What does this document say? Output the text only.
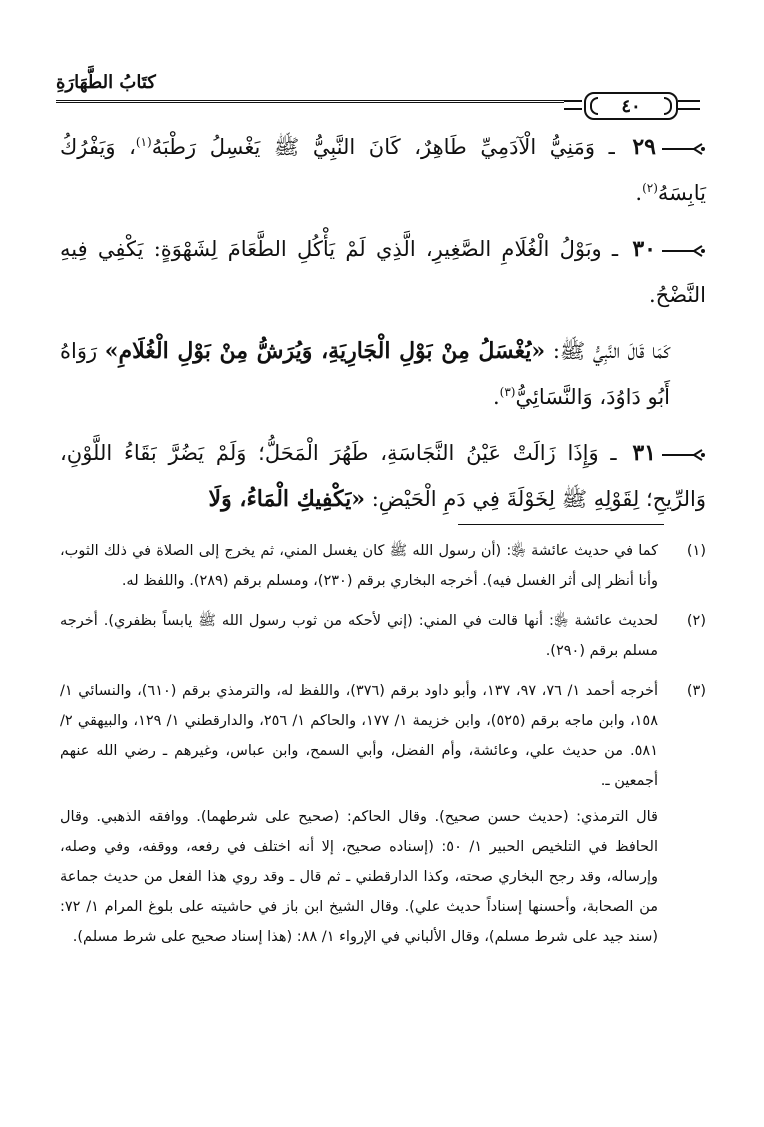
كتَابُ الطَّهَارَةِ
٤٠

٢٩ ـ وَمَنِيُّ الْآدَمِيِّ طَاهِرٌ، كَانَ النَّبِيُّ ﷺ يَغْسِلُ رَطْبَهُ$^{(١)}$، وَيَفْرُكُ يَابِسَهُ$^{(٢)}$.

٣٠ ـ وبَوْلُ الْغُلَامِ الصَّغِيرِ، الَّذِي لَمْ يَأْكُلِ الطَّعَامَ لِشَهْوَةٍ: يَكْفِي فِيهِ النَّضْحُ.

كَمَا قَالَ النَّبِيُّ ﷺ: «يُغْسَلُ مِنْ بَوْلِ الْجَارِيَةِ، وَيُرَشُّ مِنْ بَوْلِ الْغُلَامِ» رَوَاهُ أَبُو دَاوُدَ، وَالنَّسَائِيُّ$^{(٣)}$.

٣١ ـ وَإِذَا زَالَتْ عَيْنُ النَّجَاسَةِ، طَهُرَ الْمَحَلُّ؛ وَلَمْ يَضُرَّ بَقَاءُ اللَّوْنِ، وَالرِّيحِ؛ لِقَوْلِهِ ﷺ لِخَوْلَةَ فِي دَمِ الْحَيْضِ: «يَكْفِيكِ الْمَاءُ، وَلَا

(١)

كما في حديث عائشة ﵂: (أن رسول الله ﷺ كان يغسل المني، ثم يخرج إلى الصلاة في ذلك الثوب، وأنا أنظر إلى أثر الغسل فيه). أخرجه البخاري برقم (٢٣٠)، ومسلم برقم (٢٨٩). واللفظ له.

(٢)

لحديث عائشة ﵂: أنها قالت في المني: (إني لأحكه من ثوب رسول الله ﷺ يابساً بظفري). أخرجه مسلم برقم (٢٩٠).

(٣)

أخرجه أحمد ١/ ٧٦، ٩٧، ١٣٧، وأبو داود برقم (٣٧٦)، واللفظ له، والترمذي برقم (٦١٠)، والنسائي ١/ ١٥٨، وابن ماجه برقم (٥٢٥)، وابن خزيمة ١/ ١٧٧، والحاكم ١/ ٢٥٦، والدارقطني ١/ ١٢٩، والبيهقي ٢/ ٥٨١. من حديث علي، وعائشة، وأم الفضل، وأبي السمح، وابن عباس، وغيرهم ـ رضي الله عنهم أجمعين ـ.

قال الترمذي: (حديث حسن صحيح). وقال الحاكم: (صحيح على شرطهما). ووافقه الذهبي. وقال الحافظ في التلخيص الحبير ١/ ٥٠: (إسناده صحيح، إلا أنه اختلف في رفعه، ووقفه، وفي وصله، وإرساله، وقد رجح البخاري صحته، وكذا الدارقطني ـ ثم قال ـ وقد روي هذا الفعل من حديث جماعة من الصحابة، وأحسنها إسناداً حديث علي). وقال الشيخ ابن باز في حاشيته على بلوغ المرام ١/ ٧٢: (سند جيد على شرط مسلم)، وقال الألباني في الإرواء ١/ ٨٨: (هذا إسناد صحيح على شرط مسلم).
